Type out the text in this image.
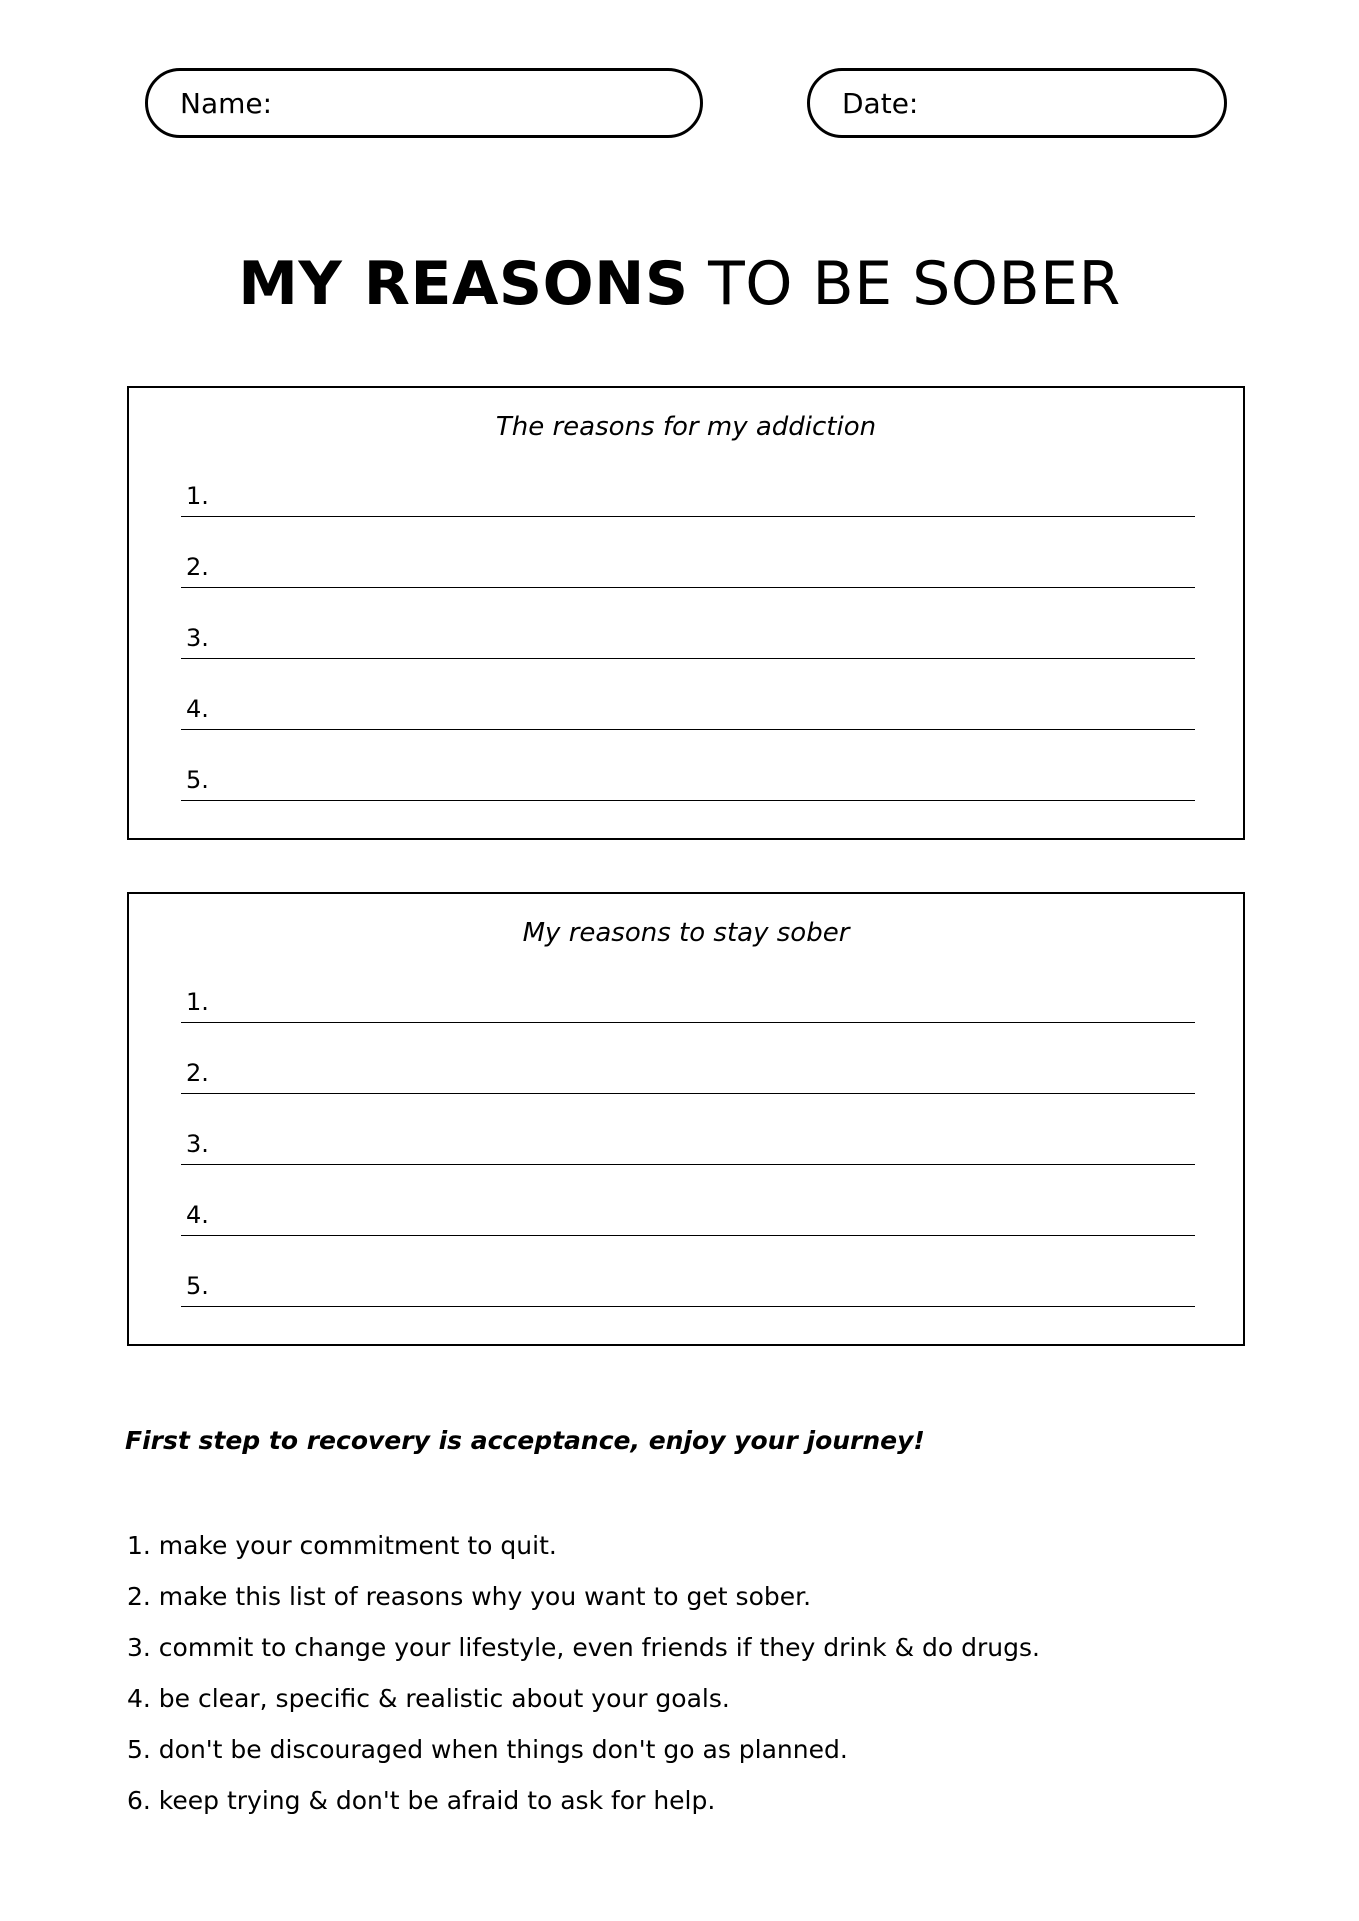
Name:	Date:
MY REASONS TO BE SOBER
The reasons for my addiction
1.
2.
3.
4.
5.
My reasons to stay sober
1.
2.
3.
4.
5.
First step to recovery is acceptance, enjoy your journey!
1. make your commitment to quit.
2. make this list of reasons why you want to get sober.
3. commit to change your lifestyle, even friends if they drink & do drugs.
4. be clear, specific & realistic about your goals.
5. don't be discouraged when things don't go as planned.
6. keep trying & don't be afraid to ask for help.
